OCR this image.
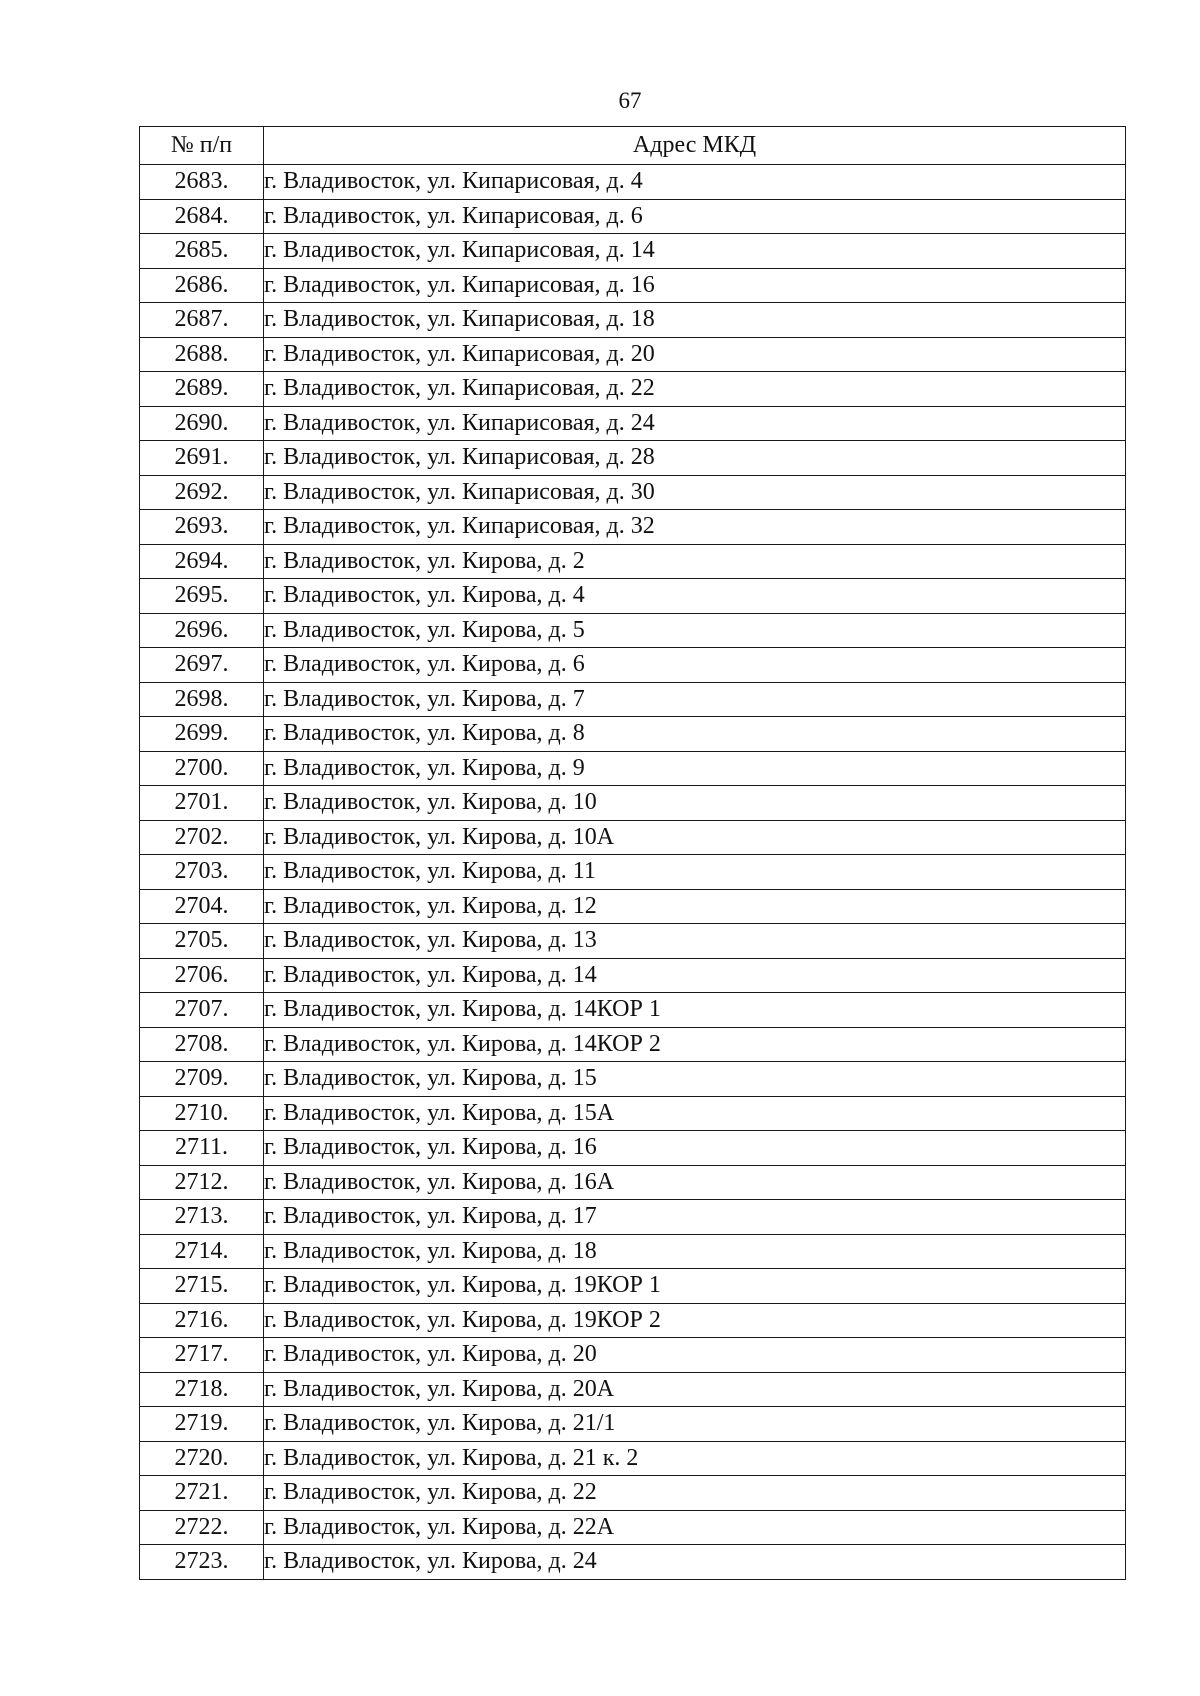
67
№ п/п	Адрес МКД
2683.	г. Владивосток, ул. Кипарисовая, д. 4
2684.	г. Владивосток, ул. Кипарисовая, д. 6
2685.	г. Владивосток, ул. Кипарисовая, д. 14
2686.	г. Владивосток, ул. Кипарисовая, д. 16
2687.	г. Владивосток, ул. Кипарисовая, д. 18
2688.	г. Владивосток, ул. Кипарисовая, д. 20
2689.	г. Владивосток, ул. Кипарисовая, д. 22
2690.	г. Владивосток, ул. Кипарисовая, д. 24
2691.	г. Владивосток, ул. Кипарисовая, д. 28
2692.	г. Владивосток, ул. Кипарисовая, д. 30
2693.	г. Владивосток, ул. Кипарисовая, д. 32
2694.	г. Владивосток, ул. Кирова, д. 2
2695.	г. Владивосток, ул. Кирова, д. 4
2696.	г. Владивосток, ул. Кирова, д. 5
2697.	г. Владивосток, ул. Кирова, д. 6
2698.	г. Владивосток, ул. Кирова, д. 7
2699.	г. Владивосток, ул. Кирова, д. 8
2700.	г. Владивосток, ул. Кирова, д. 9
2701.	г. Владивосток, ул. Кирова, д. 10
2702.	г. Владивосток, ул. Кирова, д. 10А
2703.	г. Владивосток, ул. Кирова, д. 11
2704.	г. Владивосток, ул. Кирова, д. 12
2705.	г. Владивосток, ул. Кирова, д. 13
2706.	г. Владивосток, ул. Кирова, д. 14
2707.	г. Владивосток, ул. Кирова, д. 14КОР 1
2708.	г. Владивосток, ул. Кирова, д. 14КОР 2
2709.	г. Владивосток, ул. Кирова, д. 15
2710.	г. Владивосток, ул. Кирова, д. 15А
2711.	г. Владивосток, ул. Кирова, д. 16
2712.	г. Владивосток, ул. Кирова, д. 16А
2713.	г. Владивосток, ул. Кирова, д. 17
2714.	г. Владивосток, ул. Кирова, д. 18
2715.	г. Владивосток, ул. Кирова, д. 19КОР 1
2716.	г. Владивосток, ул. Кирова, д. 19КОР 2
2717.	г. Владивосток, ул. Кирова, д. 20
2718.	г. Владивосток, ул. Кирова, д. 20А
2719.	г. Владивосток, ул. Кирова, д. 21/1
2720.	г. Владивосток, ул. Кирова, д. 21 к. 2
2721.	г. Владивосток, ул. Кирова, д. 22
2722.	г. Владивосток, ул. Кирова, д. 22А
2723.	г. Владивосток, ул. Кирова, д. 24
